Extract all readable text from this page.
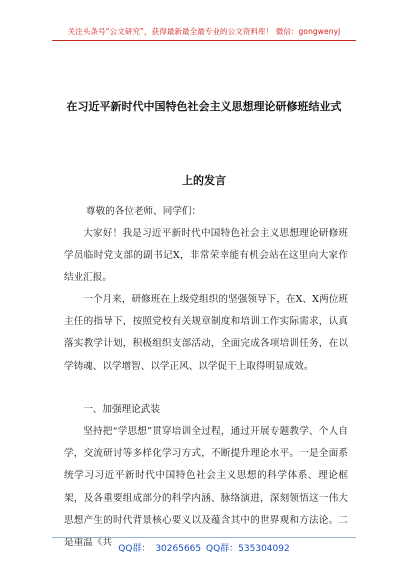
关注头条号“公文研究”，获得最新最全最专业的公文资料库！ 微信：gongwenyj
在习近平新时代中国特色社会主义思想理论研修班结业式
上的发言

尊敬的各位老师、同学们：

大家好！我是习近平新时代中国特色社会主义思想理论研修班学员临时党支部的副书记X，非常荣幸能有机会站在这里向大家作结业汇报。

一个月来，研修班在上级党组织的坚强领导下，在X、X两位班主任的指导下，按照党校有关规章制度和培训工作实际需求，认真落实教学计划，积极组织支部活动，全面完成各项培训任务，在以学铸魂、以学增智、以学正风、以学促干上取得明显成效。

一、加强理论武装

坚持把“学思想”贯穿培训全过程，通过开展专题教学、个人自学，交流研讨等多样化学习方式，不断提升理论水平。一是全面系统学习习近平新时代中国特色社会主义思想的科学体系、理论框架，及各重要组成部分的科学内涵、脉络演进，深刻领悟这一伟大思想产生的时代背景核心要义以及蕴含其中的世界观和方法论。二是重温《共

QQ群： 30265665 QQ群：535304092
